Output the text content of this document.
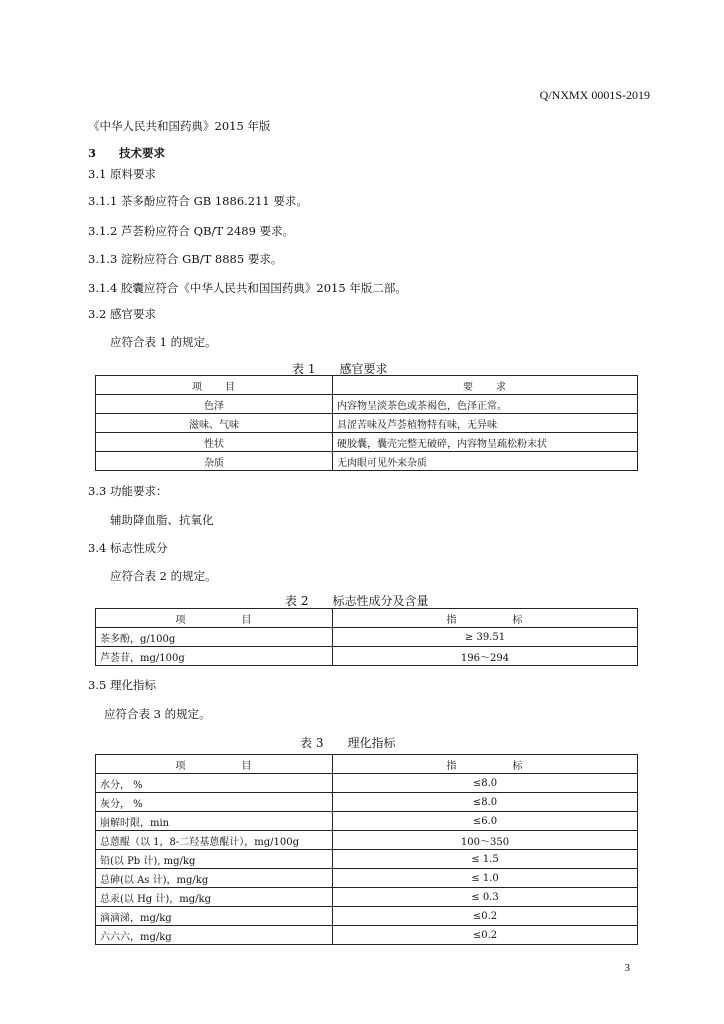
Q/NXMX 0001S-2019
《中华人民共和国药典》2015 年版
3　　技术要求
3.1 原料要求
3.1.1 茶多酚应符合 GB 1886.211 要求。
3.1.2 芦荟粉应符合 QB/T 2489 要求。
3.1.3 淀粉应符合 GB/T 8885 要求。
3.1.4 胶囊应符合《中华人民共和国国药典》2015 年版二部。
3.2 感官要求
应符合表 1 的规定。
表 1　　感官要求
项　　目	要　　求
色泽	内容物呈淡茶色或茶褐色，色泽正常。
滋味、气味	具涩苦味及芦荟植物特有味，无异味
性状	硬胶囊，囊壳完整无破碎，内容物呈疏松粉末状
杂质	无肉眼可见外来杂质
3.3 功能要求：
辅助降血脂、抗氧化
3.4 标志性成分
应符合表 2 的规定。
表 2　　标志性成分及含量
项　　　　　目	指　　　　　标
茶多酚，g/100g	≥ 39.51
芦荟苷，mg/100g	196～294
3.5 理化指标
应符合表 3 的规定。
表 3　　理化指标
项　　　　　目	指　　　　　标
水分， %	≤8.0
灰分， %	≤8.0
崩解时限，min	≤6.0
总蒽醌（以 1，8-二羟基蒽醌计），mg/100g	100～350
铅(以 Pb 计), mg/kg	≤ 1.5
总砷(以 As 计)，mg/kg	≤ 1.0
总汞(以 Hg 计)，mg/kg	≤ 0.3
滴滴涕，mg/kg	≤0.2
六六六，mg/kg	≤0.2
3
